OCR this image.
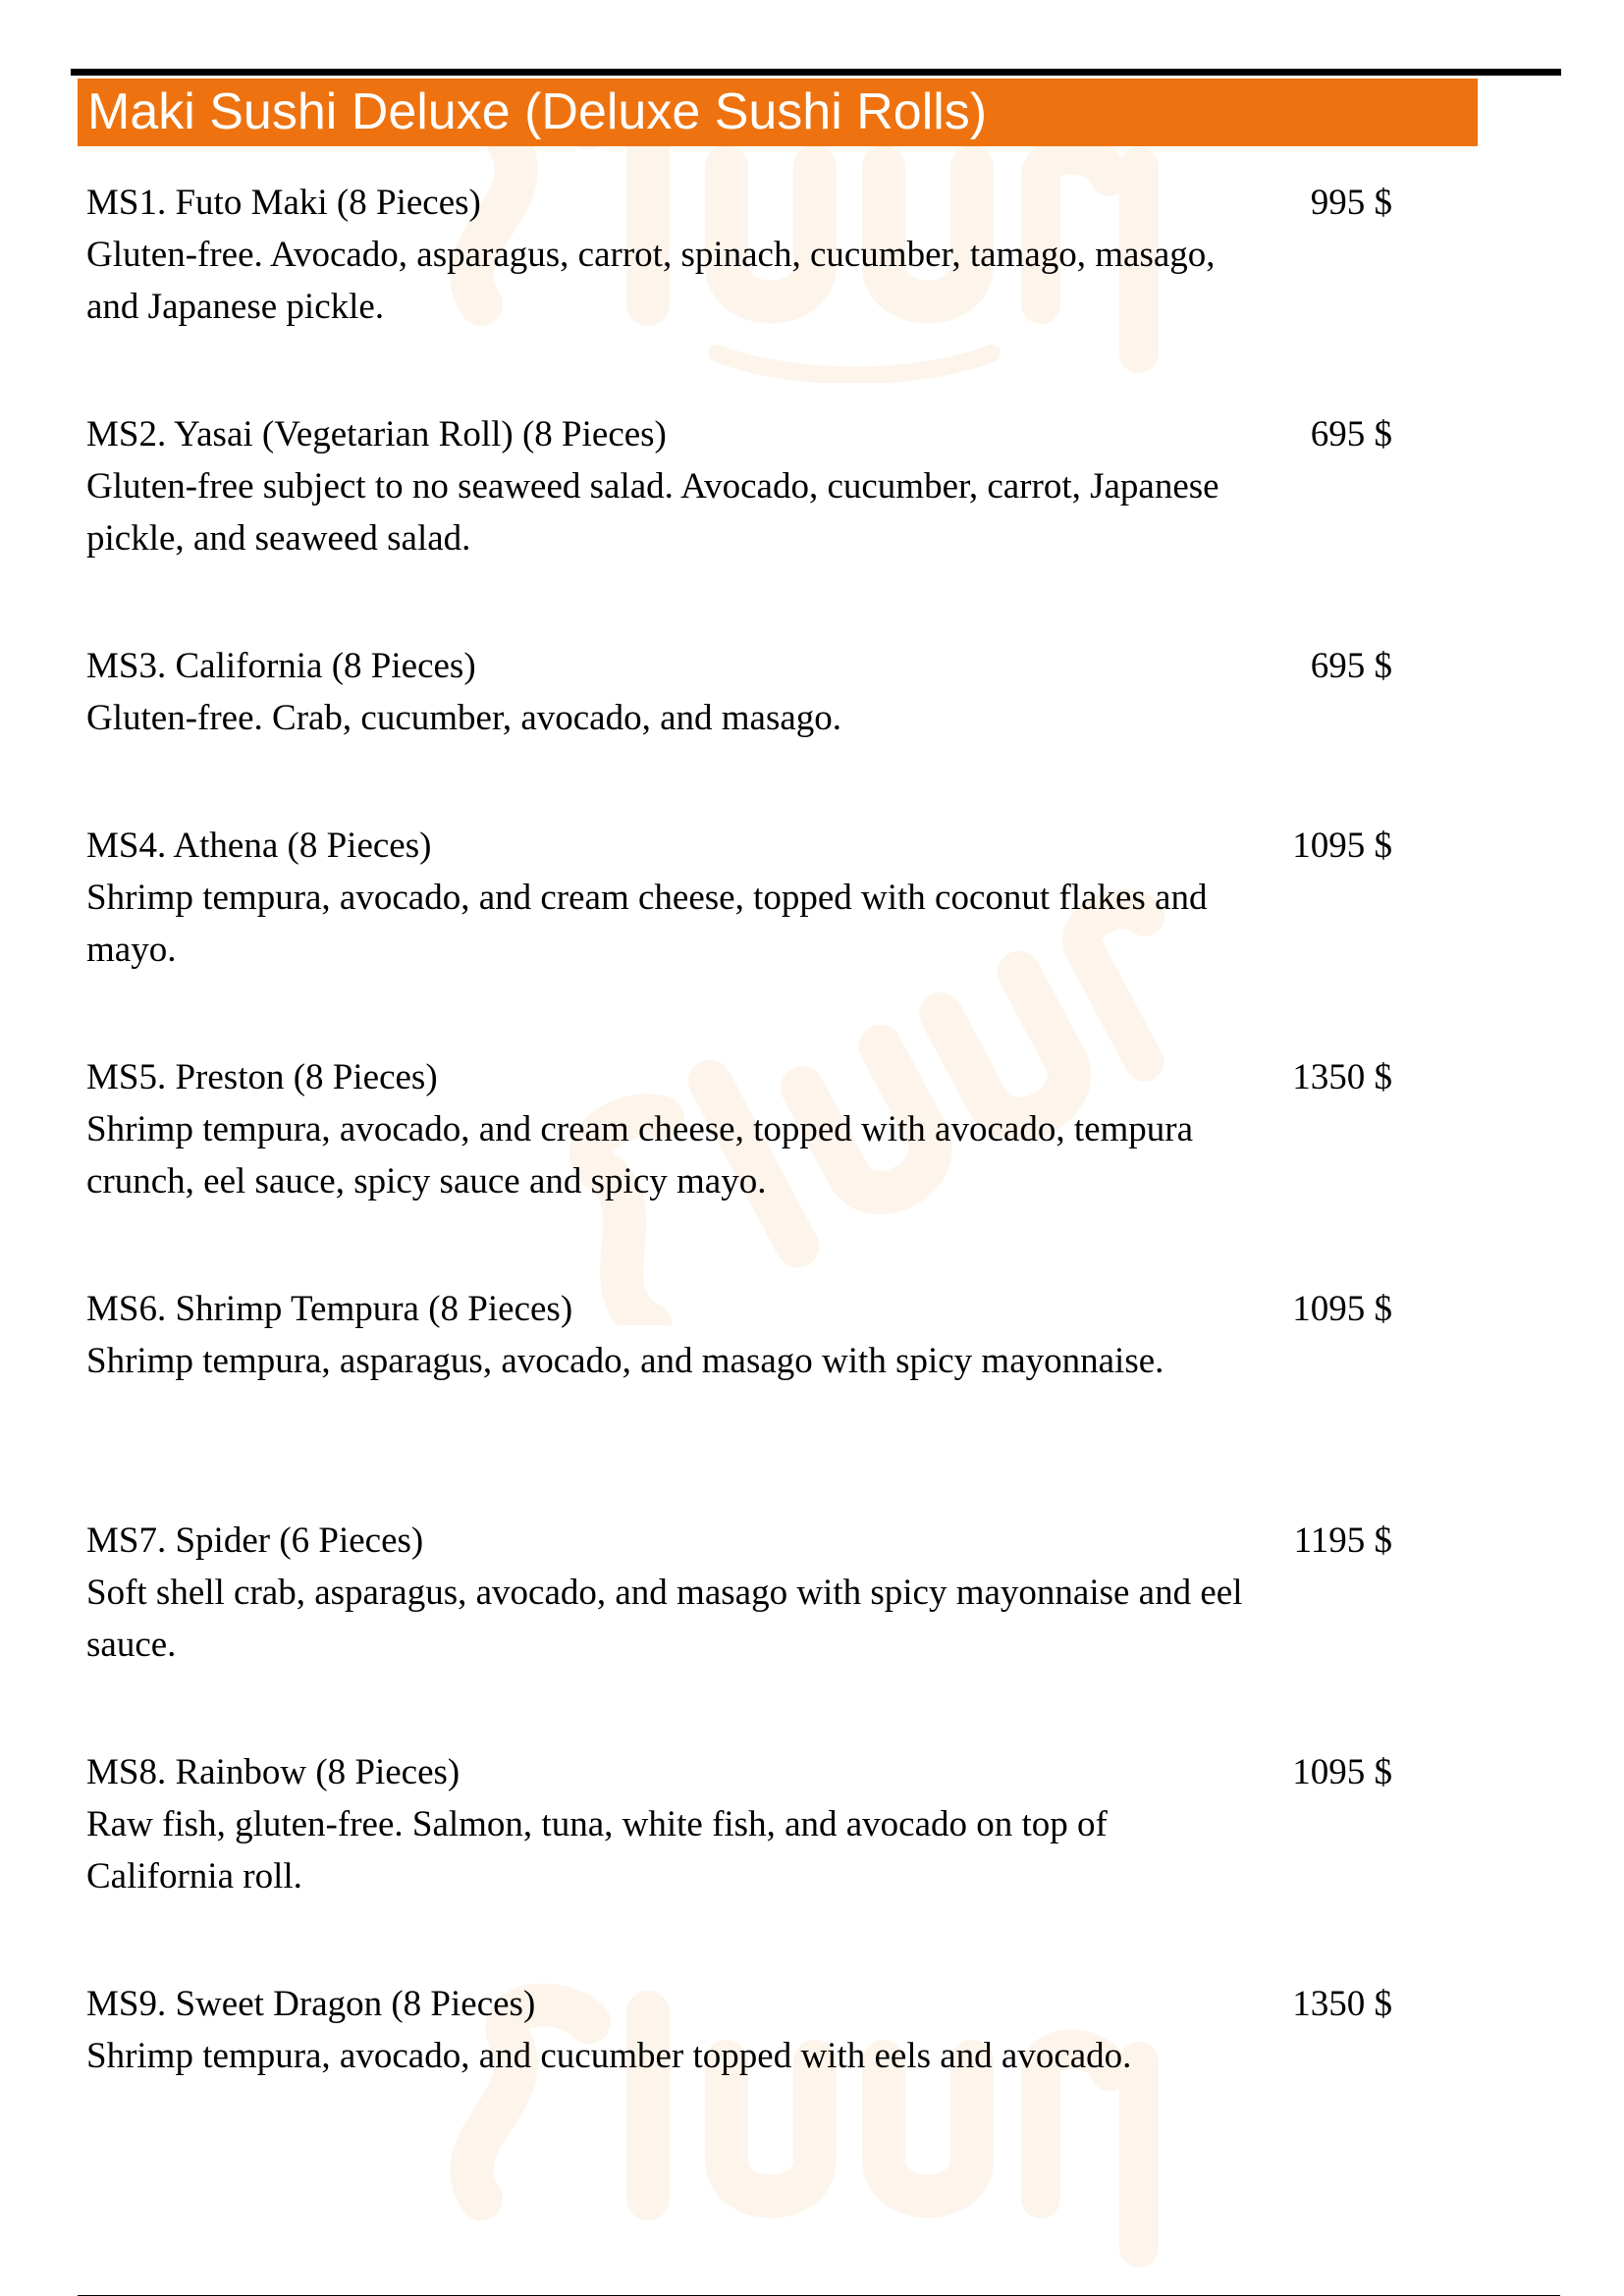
Maki Sushi Deluxe (Deluxe Sushi Rolls)
MS1. Futo Maki (8 Pieces)	995 $
Gluten-free. Avocado, asparagus, carrot, spinach, cucumber, tamago, masago, and Japanese pickle.
MS2. Yasai (Vegetarian Roll) (8 Pieces)	695 $
Gluten-free subject to no seaweed salad. Avocado, cucumber, carrot, Japanese pickle, and seaweed salad.
MS3. California (8 Pieces)	695 $
Gluten-free. Crab, cucumber, avocado, and masago.
MS4. Athena (8 Pieces)	1095 $
Shrimp tempura, avocado, and cream cheese, topped with coconut flakes and mayo.
MS5. Preston (8 Pieces)	1350 $
Shrimp tempura, avocado, and cream cheese, topped with avocado, tempura crunch, eel sauce, spicy sauce and spicy mayo.
MS6. Shrimp Tempura (8 Pieces)	1095 $
Shrimp tempura, asparagus, avocado, and masago with spicy mayonnaise.
MS7. Spider (6 Pieces)	1195 $
Soft shell crab, asparagus, avocado, and masago with spicy mayonnaise and eel sauce.
MS8. Rainbow (8 Pieces)	1095 $
Raw fish, gluten-free. Salmon, tuna, white fish, and avocado on top of California roll.
MS9. Sweet Dragon (8 Pieces)	1350 $
Shrimp tempura, avocado, and cucumber topped with eels and avocado.
